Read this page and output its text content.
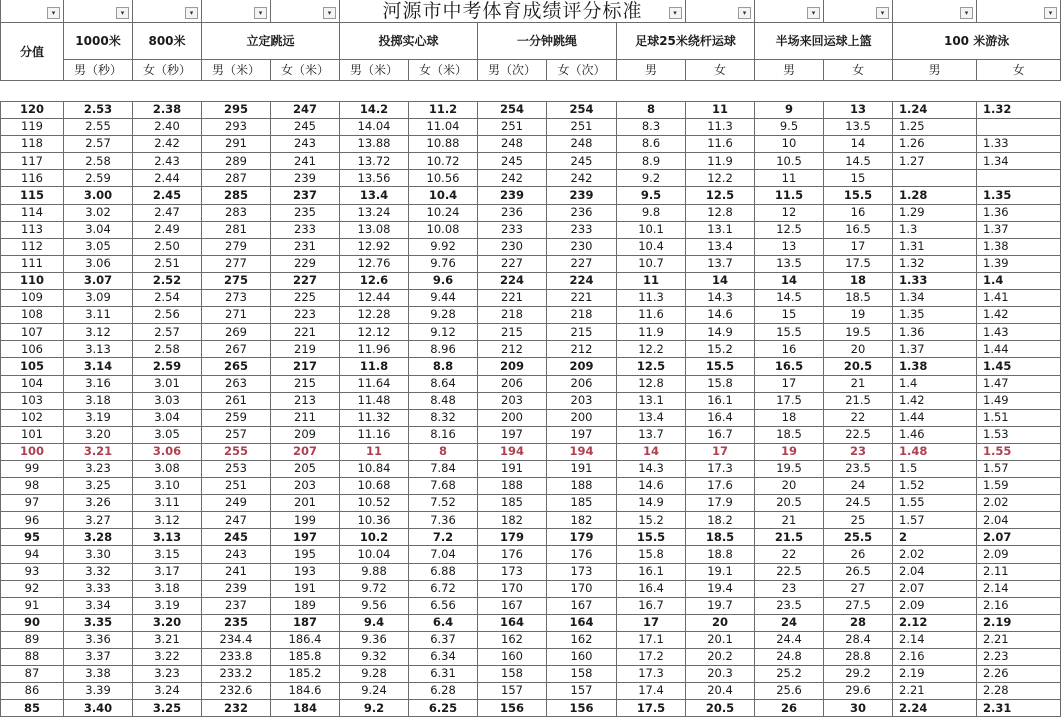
▾	▾	▾	▾	▾	河源市中考体育成绩评分标准	▾	▾	▾	▾	▾	▾
分值	1000米	800米	立定跳远		投掷实心球		一分钟跳绳		足球25米绕杆运球		半场来回运球上篮		100 米游泳	
	男（秒）	女（秒）	男（米）	女（米）	男（米）	女（米）	男（次）	女（次）	男	女	男	女	男	女
120	2.53	2.38	295	247	14.2	11.2	254	254	8	11	9	13	1.24	1.32
119	2.55	2.40	293	245	14.04	11.04	251	251	8.3	11.3	9.5	13.5	1.25	
118	2.57	2.42	291	243	13.88	10.88	248	248	8.6	11.6	10	14	1.26	1.33
117	2.58	2.43	289	241	13.72	10.72	245	245	8.9	11.9	10.5	14.5	1.27	1.34
116	2.59	2.44	287	239	13.56	10.56	242	242	9.2	12.2	11	15		
115	3.00	2.45	285	237	13.4	10.4	239	239	9.5	12.5	11.5	15.5	1.28	1.35
114	3.02	2.47	283	235	13.24	10.24	236	236	9.8	12.8	12	16	1.29	1.36
113	3.04	2.49	281	233	13.08	10.08	233	233	10.1	13.1	12.5	16.5	1.3	1.37
112	3.05	2.50	279	231	12.92	9.92	230	230	10.4	13.4	13	17	1.31	1.38
111	3.06	2.51	277	229	12.76	9.76	227	227	10.7	13.7	13.5	17.5	1.32	1.39
110	3.07	2.52	275	227	12.6	9.6	224	224	11	14	14	18	1.33	1.4
109	3.09	2.54	273	225	12.44	9.44	221	221	11.3	14.3	14.5	18.5	1.34	1.41
108	3.11	2.56	271	223	12.28	9.28	218	218	11.6	14.6	15	19	1.35	1.42
107	3.12	2.57	269	221	12.12	9.12	215	215	11.9	14.9	15.5	19.5	1.36	1.43
106	3.13	2.58	267	219	11.96	8.96	212	212	12.2	15.2	16	20	1.37	1.44
105	3.14	2.59	265	217	11.8	8.8	209	209	12.5	15.5	16.5	20.5	1.38	1.45
104	3.16	3.01	263	215	11.64	8.64	206	206	12.8	15.8	17	21	1.4	1.47
103	3.18	3.03	261	213	11.48	8.48	203	203	13.1	16.1	17.5	21.5	1.42	1.49
102	3.19	3.04	259	211	11.32	8.32	200	200	13.4	16.4	18	22	1.44	1.51
101	3.20	3.05	257	209	11.16	8.16	197	197	13.7	16.7	18.5	22.5	1.46	1.53
100	3.21	3.06	255	207	11	8	194	194	14	17	19	23	1.48	1.55
99	3.23	3.08	253	205	10.84	7.84	191	191	14.3	17.3	19.5	23.5	1.5	1.57
98	3.25	3.10	251	203	10.68	7.68	188	188	14.6	17.6	20	24	1.52	1.59
97	3.26	3.11	249	201	10.52	7.52	185	185	14.9	17.9	20.5	24.5	1.55	2.02
96	3.27	3.12	247	199	10.36	7.36	182	182	15.2	18.2	21	25	1.57	2.04
95	3.28	3.13	245	197	10.2	7.2	179	179	15.5	18.5	21.5	25.5	2	2.07
94	3.30	3.15	243	195	10.04	7.04	176	176	15.8	18.8	22	26	2.02	2.09
93	3.32	3.17	241	193	9.88	6.88	173	173	16.1	19.1	22.5	26.5	2.04	2.11
92	3.33	3.18	239	191	9.72	6.72	170	170	16.4	19.4	23	27	2.07	2.14
91	3.34	3.19	237	189	9.56	6.56	167	167	16.7	19.7	23.5	27.5	2.09	2.16
90	3.35	3.20	235	187	9.4	6.4	164	164	17	20	24	28	2.12	2.19
89	3.36	3.21	234.4	186.4	9.36	6.37	162	162	17.1	20.1	24.4	28.4	2.14	2.21
88	3.37	3.22	233.8	185.8	9.32	6.34	160	160	17.2	20.2	24.8	28.8	2.16	2.23
87	3.38	3.23	233.2	185.2	9.28	6.31	158	158	17.3	20.3	25.2	29.2	2.19	2.26
86	3.39	3.24	232.6	184.6	9.24	6.28	157	157	17.4	20.4	25.6	29.6	2.21	2.28
85	3.40	3.25	232	184	9.2	6.25	156	156	17.5	20.5	26	30	2.24	2.31
